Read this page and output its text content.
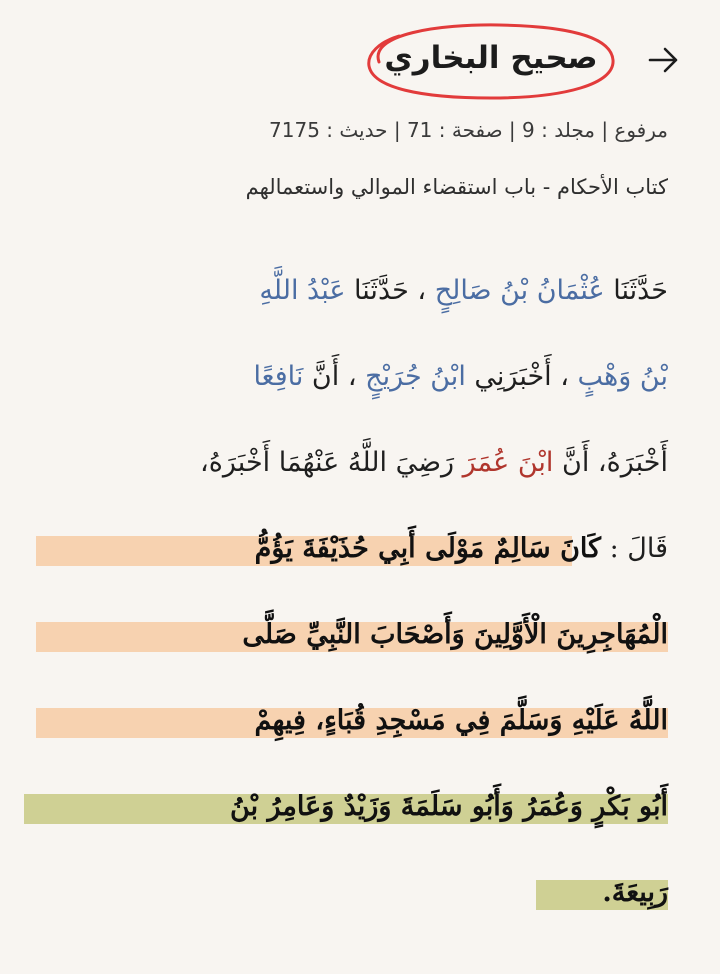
صحيح البخاري
مرفوع | مجلد : 9 | صفحة : 71 | حديث : 7175
كتاب الأحكام - باب استقضاء الموالي واستعمالهم
حَدَّثَنَا عُثْمَانُ بْنُ صَالِحٍ ، حَدَّثَنَا عَبْدُ اللَّهِ
بْنُ وَهْبٍ ، أَخْبَرَنِي ابْنُ جُرَيْجٍ ، أَنَّ نَافِعًا
أَخْبَرَهُ، أَنَّ ابْنَ عُمَرَ رَضِيَ اللَّهُ عَنْهُمَا أَخْبَرَهُ،
قَالَ : كَانَ سَالِمٌ مَوْلَى أَبِي حُذَيْفَةَ يَؤُمُّ
الْمُهَاجِرِينَ الْأَوَّلِينَ وَأَصْحَابَ النَّبِيِّ صَلَّى
اللَّهُ عَلَيْهِ وَسَلَّمَ فِي مَسْجِدِ قُبَاءٍ، فِيهِمْ
أَبُو بَكْرٍ وَعُمَرُ وَأَبُو سَلَمَةَ وَزَيْدٌ وَعَامِرُ بْنُ
رَبِيعَةَ.
